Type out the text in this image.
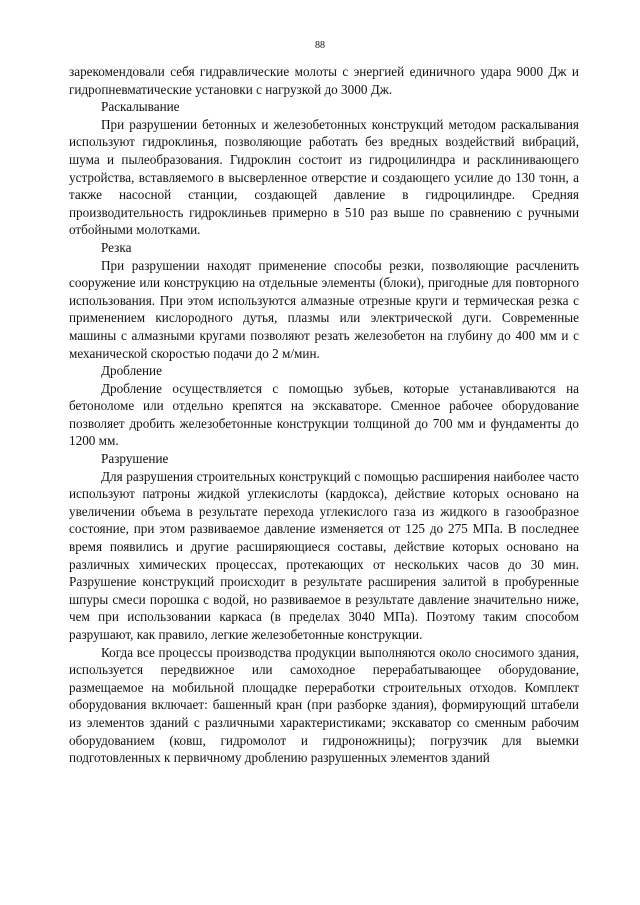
88

зарекомендовали себя гидравлические молоты с энергией единичного удара 9000 Дж и гидропневматические установки с нагрузкой до 3000 Дж.

Раскалывание

При разрушении бетонных и железобетонных конструкций методом раскалывания используют гидроклинья, позволяющие работать без вредных воздействий вибраций, шума и пылеобразования. Гидроклин состоит из гидроцилиндра и расклинивающего устройства, вставляемого в высверленное отверстие и создающего усилие до 130 тонн, а также насосной станции, создающей давление в гидроцилиндре. Средняя производительность гидроклиньев примерно в 510 раз выше по сравнению с ручными отбойными молотками.

Резка

При разрушении находят применение способы резки, позволяющие расчленить сооружение или конструкцию на отдельные элементы (блоки), пригодные для повторного использования. При этом используются алмазные отрезные круги и термическая резка с применением кислородного дутья, плазмы или электрической дуги. Современные машины с алмазными кругами позволяют резать железобетон на глубину до 400 мм и с механической скоростью подачи до 2 м/мин.

Дробление

Дробление осуществляется с помощью зубьев, которые устанавливаются на бетоноломе или отдельно крепятся на экскаваторе. Сменное рабочее оборудование позволяет дробить железобетонные конструкции толщиной до 700 мм и фундаменты до 1200 мм.

Разрушение

Для разрушения строительных конструкций с помощью расширения наиболее часто используют патроны жидкой углекислоты (кардокса), действие которых основано на увеличении объема в результате перехода углекислого газа из жидкого в газообразное состояние, при этом развиваемое давление изменяется от 125 до 275 МПа. В последнее время появились и другие расширяющиеся составы, действие которых основано на различных химических процессах, протекающих от нескольких часов до 30 мин. Разрушение конструкций происходит в результате расширения залитой в пробуренные шпуры смеси порошка с водой, но развиваемое в результате давление значительно ниже, чем при использовании каркаса (в пределах 3040 МПа). Поэтому таким способом разрушают, как правило, легкие железобетонные конструкции.

Когда все процессы производства продукции выполняются около сносимого здания, используется передвижное или самоходное перерабатывающее оборудование, размещаемое на мобильной площадке переработки строительных отходов. Комплект оборудования включает: башенный кран (при разборке здания), формирующий штабели из элементов зданий с различными характеристиками; экскаватор со сменным рабочим оборудованием (ковш, гидромолот и гидроножницы); погрузчик для выемки подготовленных к первичному дроблению разрушенных элементов зданий
